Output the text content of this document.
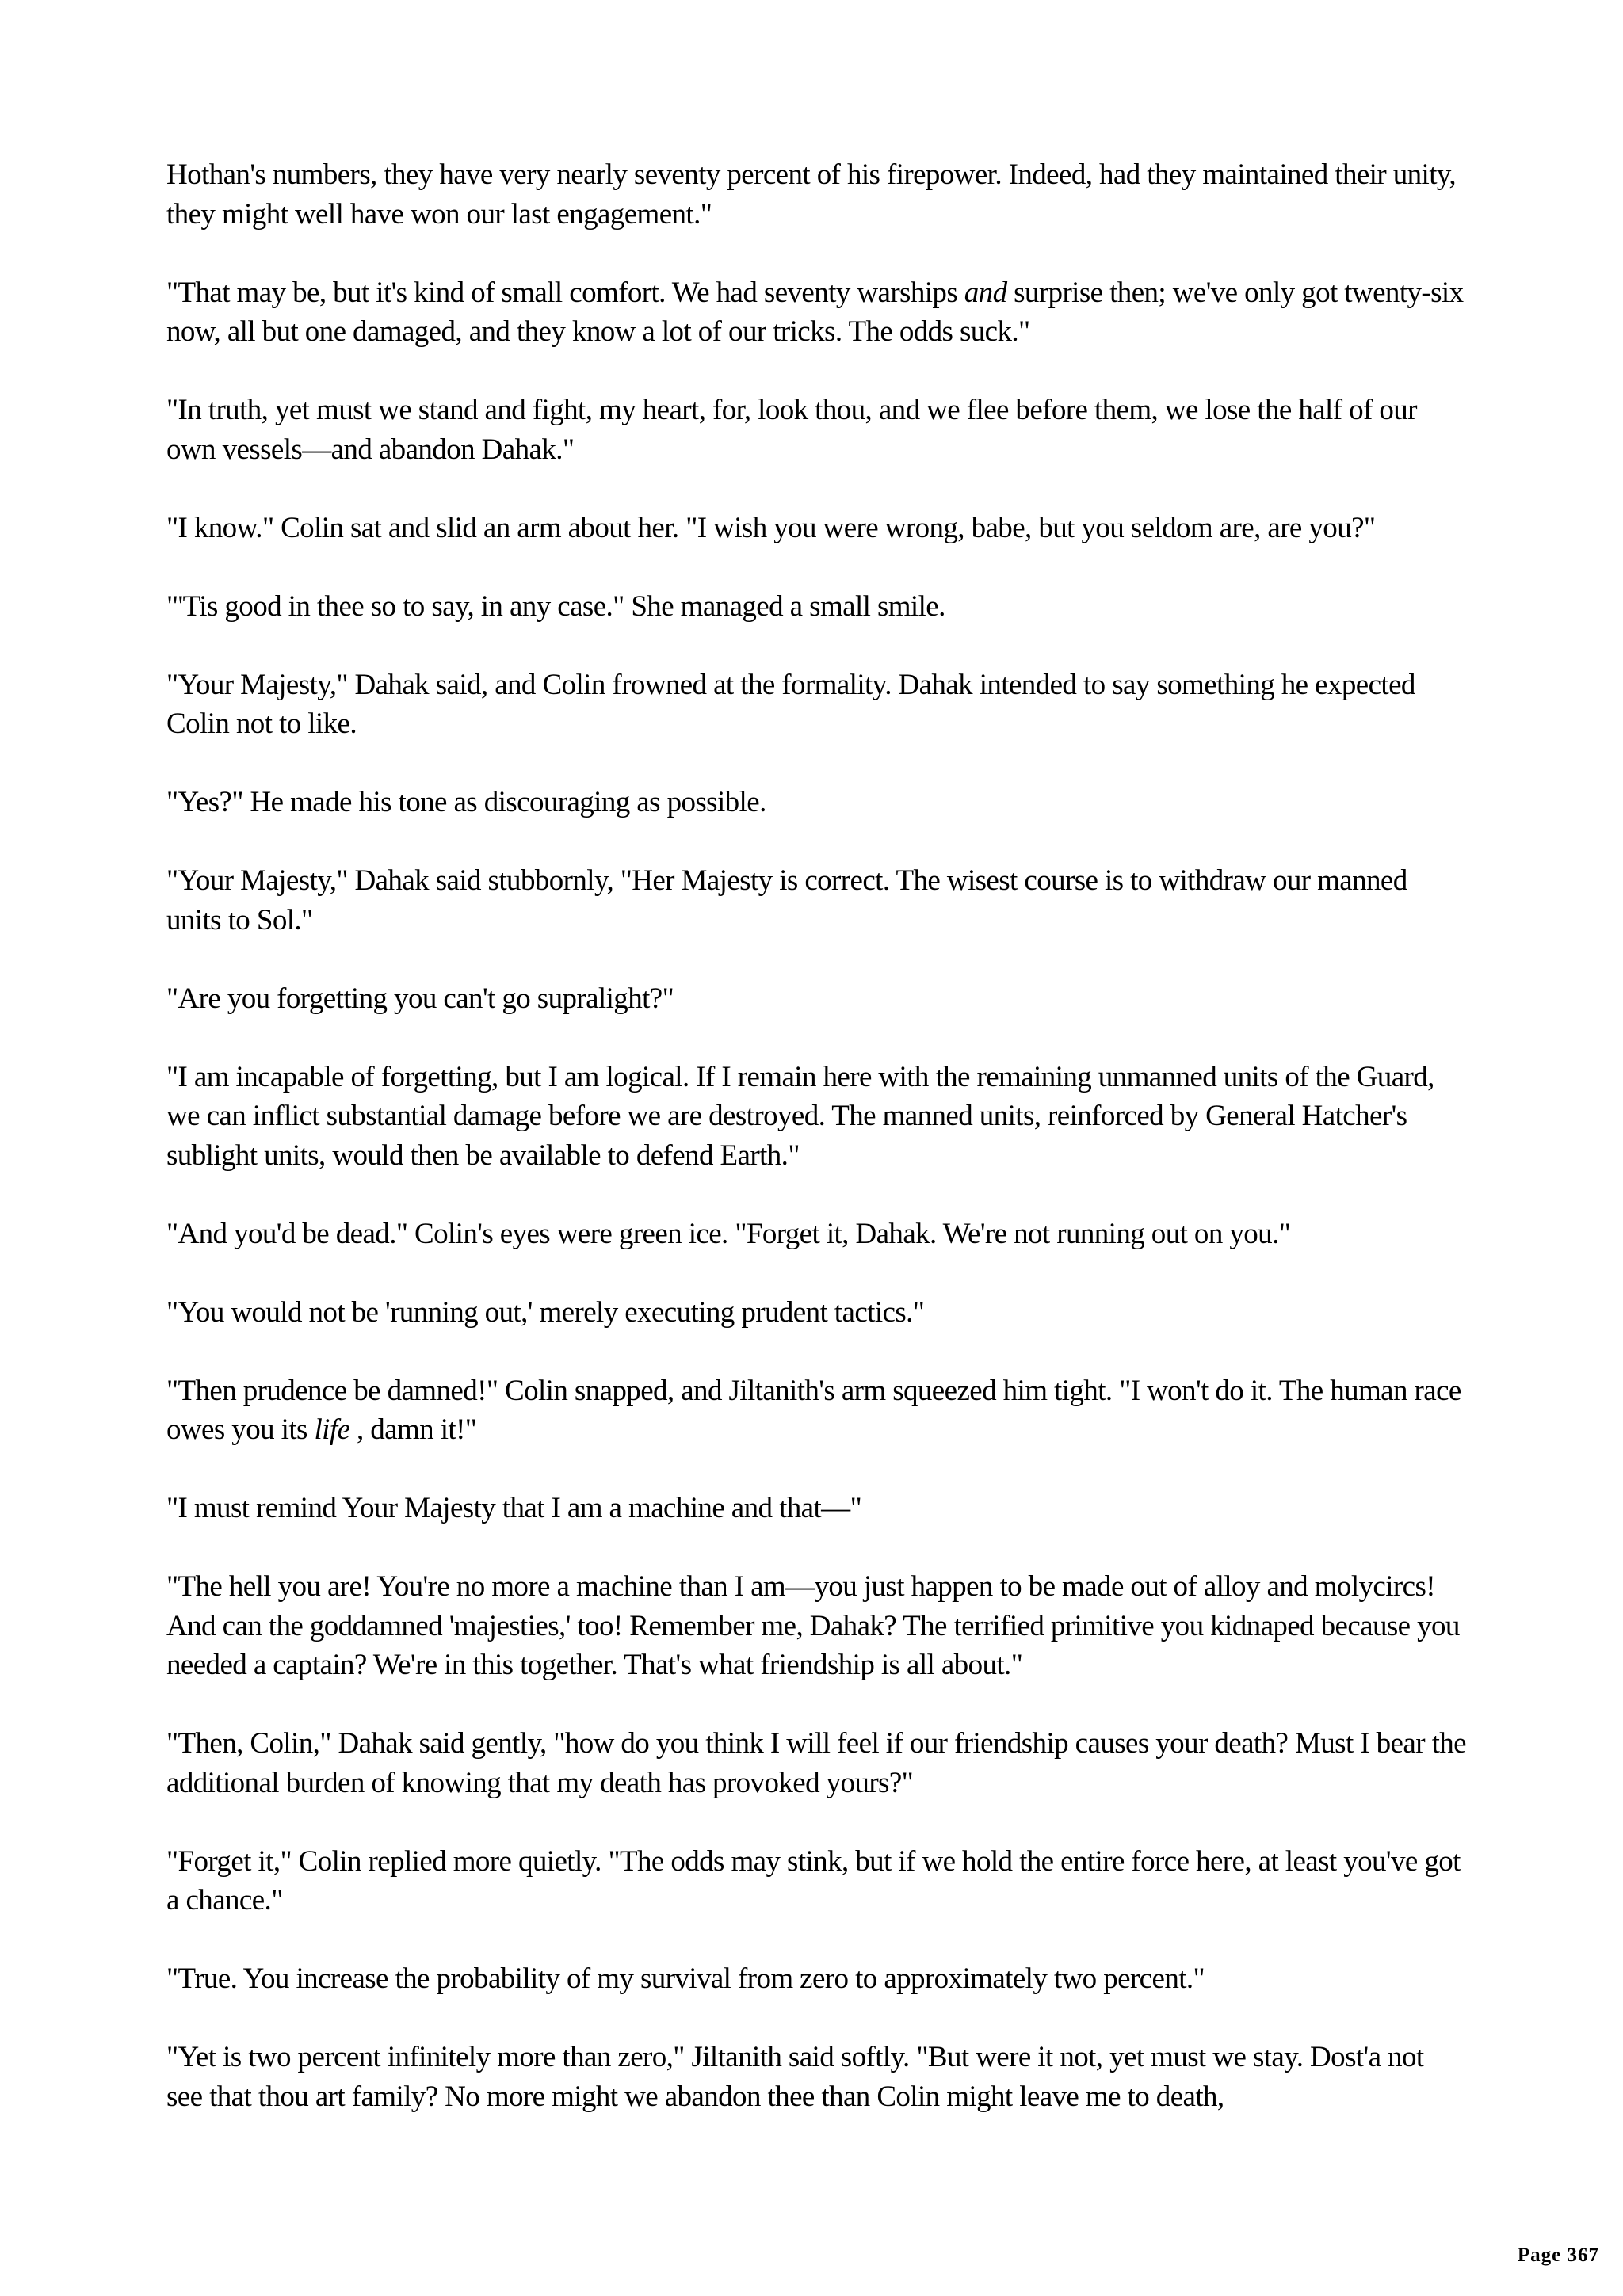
Hothan's numbers, they have very nearly seventy percent of his firepower. Indeed, had they maintained their unity, they might well have won our last engagement."
"That may be, but it's kind of small comfort. We had seventy warships and surprise then; we've only got twenty-six now, all but one damaged, and they know a lot of our tricks. The odds suck."
"In truth, yet must we stand and fight, my heart, for, look thou, and we flee before them, we lose the half of our own vessels—and abandon Dahak."
"I know." Colin sat and slid an arm about her. "I wish you were wrong, babe, but you seldom are, are you?"
"'Tis good in thee so to say, in any case." She managed a small smile.
"Your Majesty," Dahak said, and Colin frowned at the formality. Dahak intended to say something he expected Colin not to like.
"Yes?" He made his tone as discouraging as possible.
"Your Majesty," Dahak said stubbornly, "Her Majesty is correct. The wisest course is to withdraw our manned units to Sol."
"Are you forgetting you can't go supralight?"
"I am incapable of forgetting, but I am logical. If I remain here with the remaining unmanned units of the Guard, we can inflict substantial damage before we are destroyed. The manned units, reinforced by General Hatcher's sublight units, would then be available to defend Earth."
"And you'd be dead." Colin's eyes were green ice. "Forget it, Dahak. We're not running out on you."
"You would not be 'running out,' merely executing prudent tactics."
"Then prudence be damned!" Colin snapped, and Jiltanith's arm squeezed him tight. "I won't do it. The human race owes you its life , damn it!"
"I must remind Your Majesty that I am a machine and that—"
"The hell you are! You're no more a machine than I am—you just happen to be made out of alloy and molycircs! And can the goddamned 'majesties,' too! Remember me, Dahak? The terrified primitive you kidnaped because you needed a captain? We're in this together. That's what friendship is all about."
"Then, Colin," Dahak said gently, "how do you think I will feel if our friendship causes your death? Must I bear the additional burden of knowing that my death has provoked yours?"
"Forget it," Colin replied more quietly. "The odds may stink, but if we hold the entire force here, at least you've got a chance."
"True. You increase the probability of my survival from zero to approximately two percent."
"Yet is two percent infinitely more than zero," Jiltanith said softly. "But were it not, yet must we stay. Dost'a not see that thou art family? No more might we abandon thee than Colin might leave me to death,
Page 367
